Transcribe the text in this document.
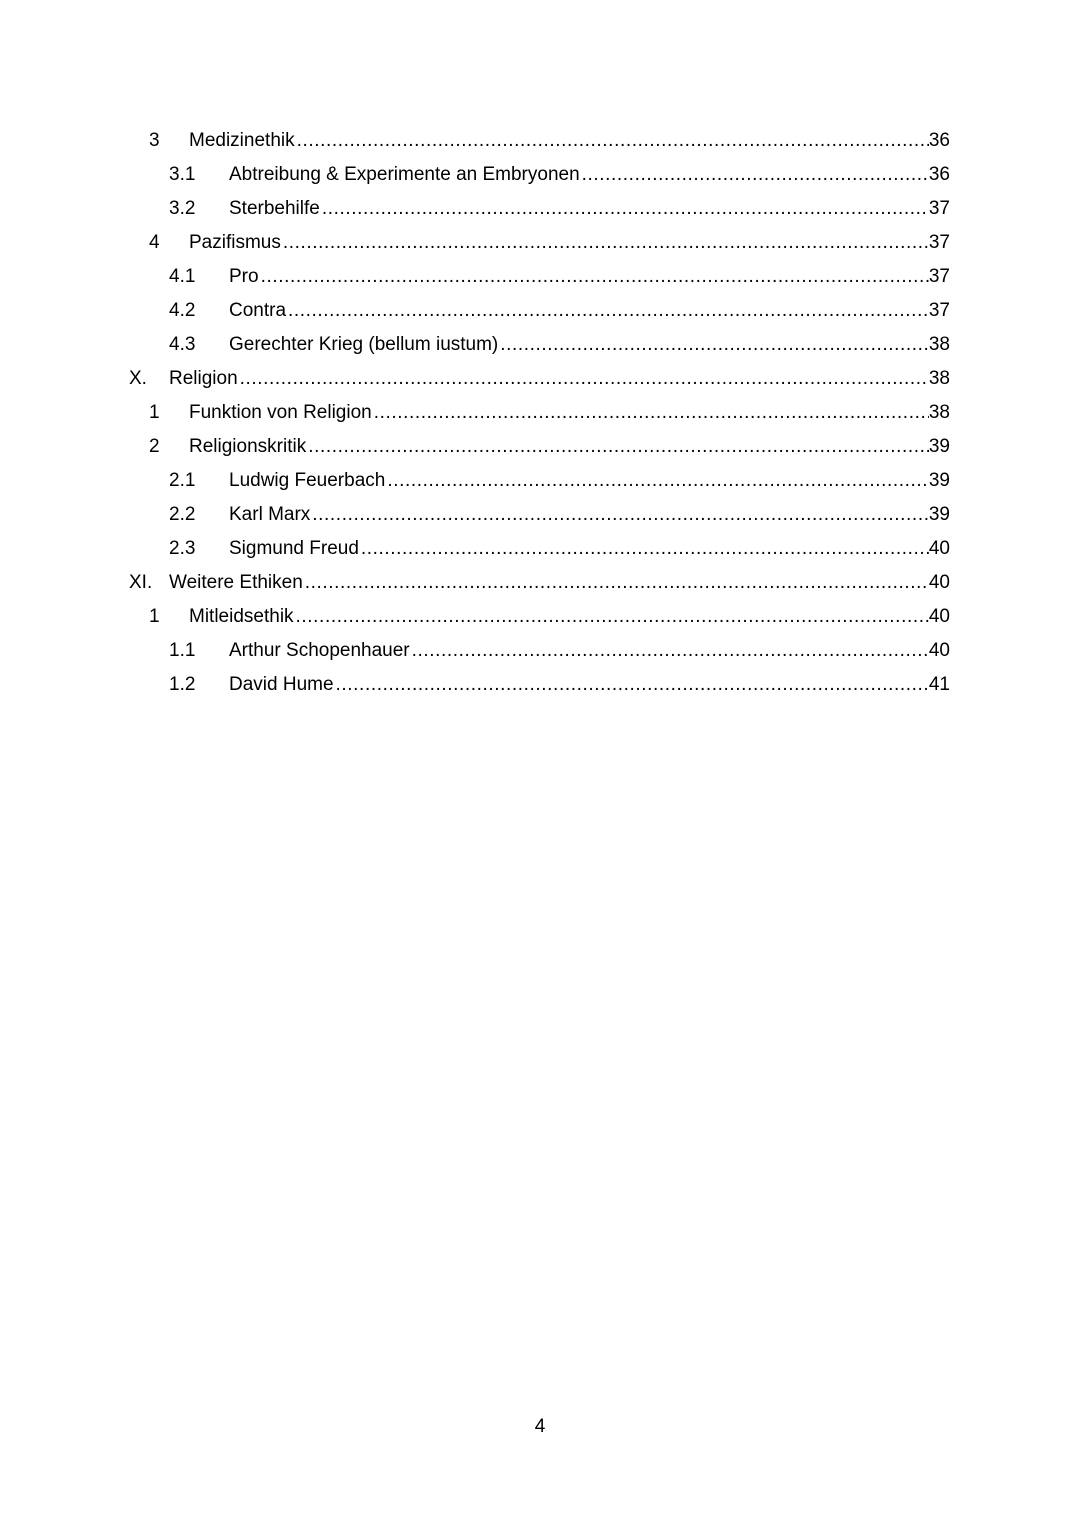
3 Medizinethik .....	36
3.1 Abtreibung & Experimente an Embryonen .....	36
3.2 Sterbehilfe .....	37
4 Pazifismus .....	37
4.1 Pro .....	37
4.2 Contra .....	37
4.3 Gerechter Krieg (bellum iustum) .....	38
X. Religion .....	38
1 Funktion von Religion .....	38
2 Religionskritik .....	39
2.1 Ludwig Feuerbach .....	39
2.2 Karl Marx .....	39
2.3 Sigmund Freud .....	40
XI. Weitere Ethiken .....	40
1 Mitleidsethik .....	40
1.1 Arthur Schopenhauer .....	40
1.2 David Hume .....	41
4
